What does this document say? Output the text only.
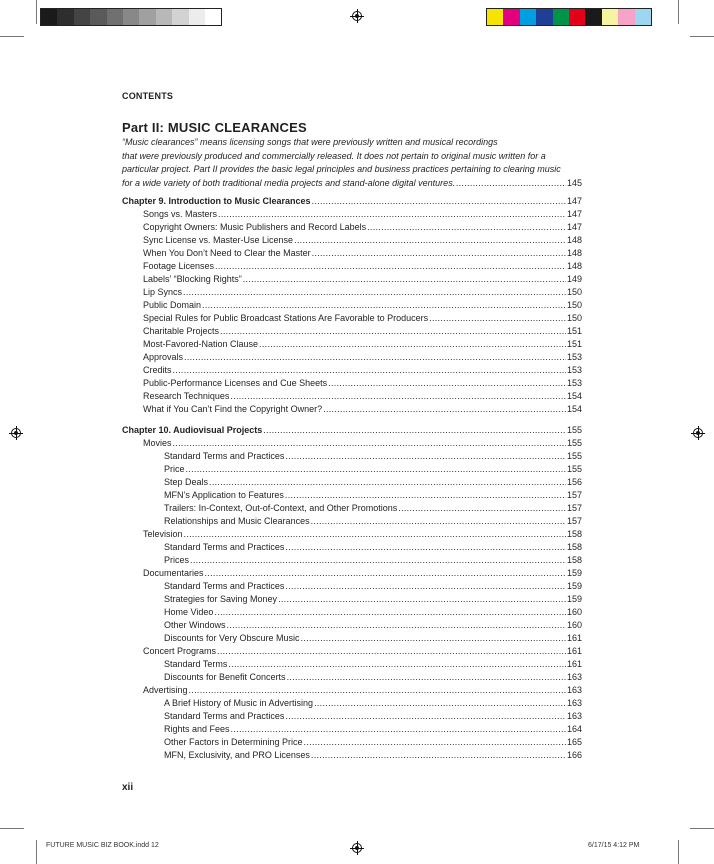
CONTENTS
Part II: MUSIC CLEARANCES
“Music clearances” means licensing songs that were previously written and musical recordings
that were previously produced and commercially released. It does not pertain to original music written for a
particular project. Part II provides the basic legal principles and business practices pertaining to clearing music
for a wide variety of both traditional media projects and stand-alone digital ventures. .....	145
Chapter 9. Introduction to Music Clearances .....	147
Songs vs. Masters .....	147
Copyright Owners: Music Publishers and Record Labels .....	147
Sync License vs. Master-Use License .....	148
When You Don’t Need to Clear the Master .....	148
Footage Licenses .....	148
Labels’ “Blocking Rights” .....	149
Lip Syncs .....	150
Public Domain .....	150
Special Rules for Public Broadcast Stations Are Favorable to Producers .....	150
Charitable Projects .....	151
Most-Favored-Nation Clause .....	151
Approvals .....	153
Credits .....	153
Public-Performance Licenses and Cue Sheets .....	153
Research Techniques .....	154
What if You Can’t Find the Copyright Owner? .....	154
Chapter 10. Audiovisual Projects .....	155
Movies .....	155
Standard Terms and Practices .....	155
Price .....	155
Step Deals .....	156
MFN’s Application to Features .....	157
Trailers: In-Context, Out-of-Context, and Other Promotions .....	157
Relationships and Music Clearances .....	157
Television .....	158
Standard Terms and Practices .....	158
Prices .....	158
Documentaries .....	159
Standard Terms and Practices .....	159
Strategies for Saving Money .....	159
Home Video .....	160
Other Windows .....	160
Discounts for Very Obscure Music .....	161
Concert Programs .....	161
Standard Terms .....	161
Discounts for Benefit Concerts .....	163
Advertising .....	163
A Brief History of Music in Advertising .....	163
Standard Terms and Practices .....	163
Rights and Fees .....	164
Other Factors in Determining Price .....	165
MFN, Exclusivity, and PRO Licenses .....	166
xii
FUTURE MUSIC BIZ BOOK.indd 12	6/17/15 4:12 PM
